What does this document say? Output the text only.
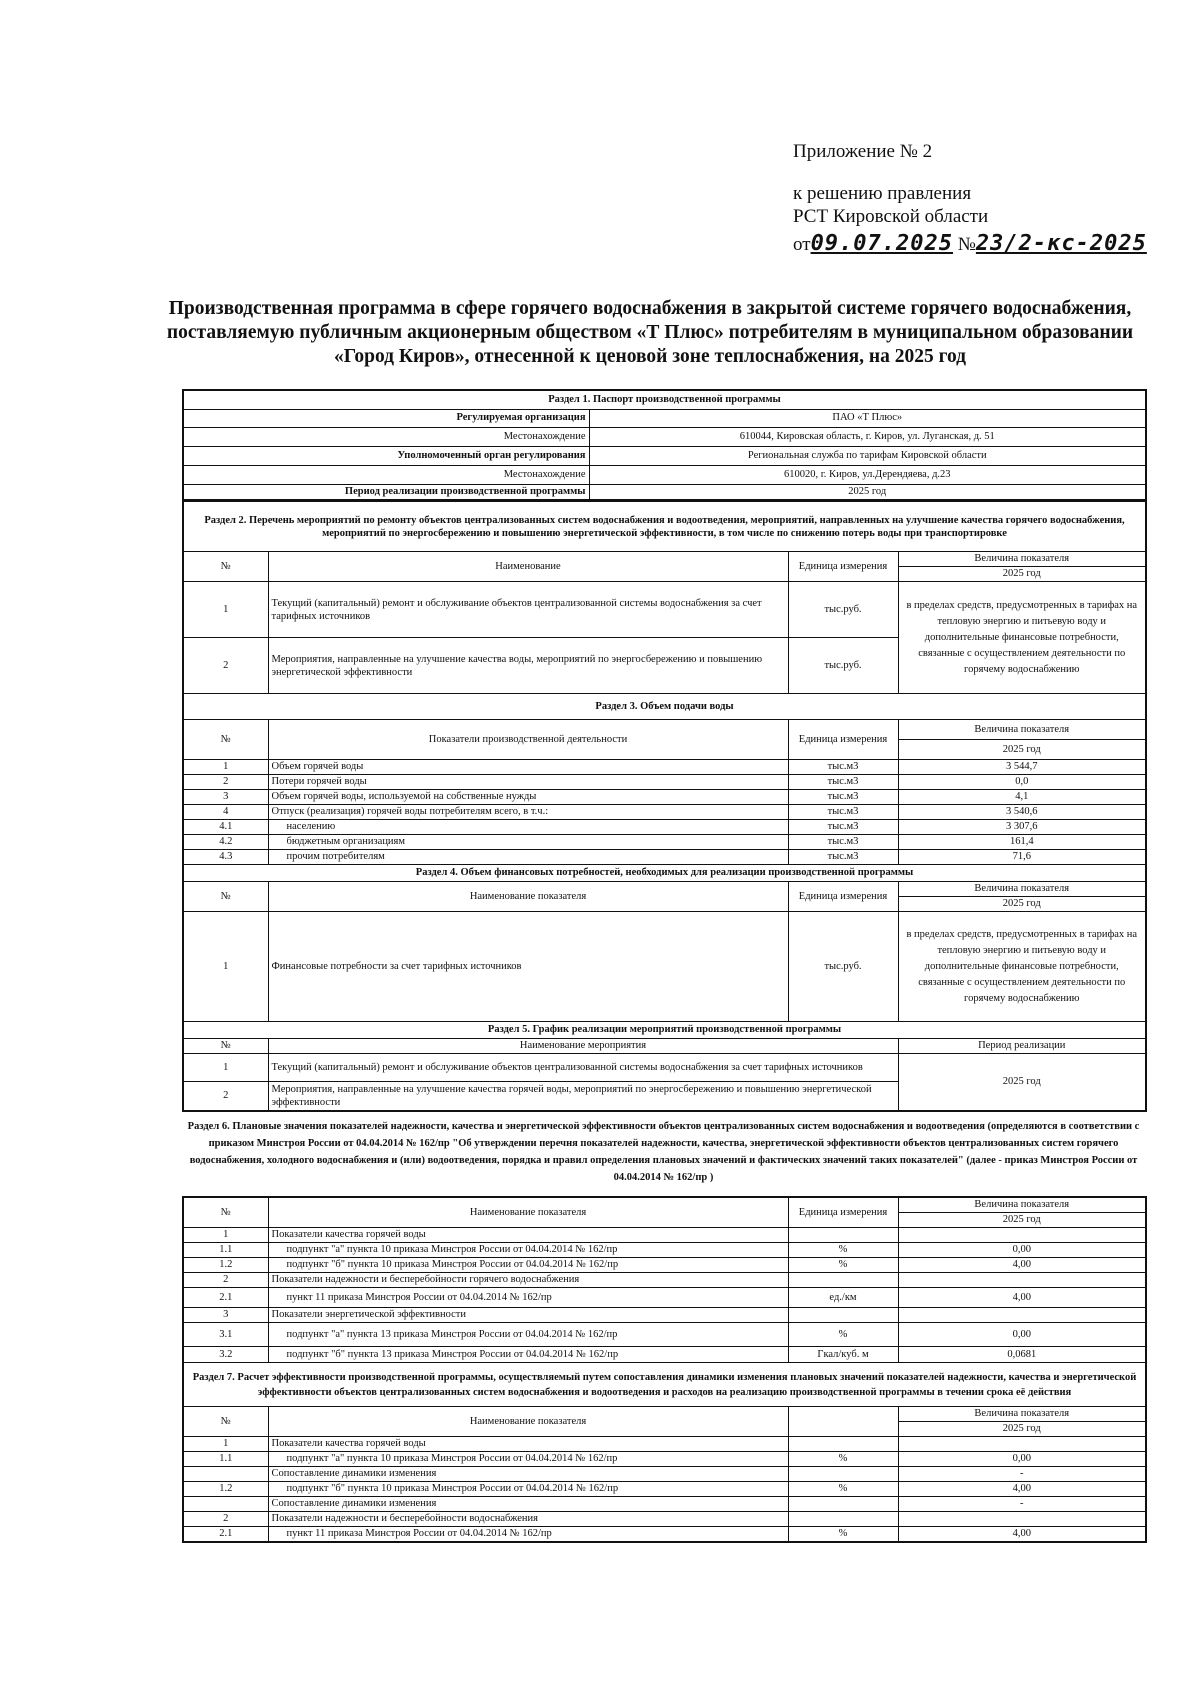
Приложение № 2
к решению правления
РСТ Кировской области
от09.07.2025 №23/2-кс-2025
Производственная программа в сфере горячего водоснабжения в закрытой системе горячего водоснабжения, поставляемую публичным акционерным обществом «Т Плюс» потребителям в муниципальном образовании «Город Киров», отнесенной к ценовой зоне теплоснабжения, на 2025 год
Раздел 1. Паспорт производственной программы	
Регулируемая организация	ПАО «Т Плюс»
Местонахождение	610044, Кировская область, г. Киров, ул. Луганская, д. 51
Уполномоченный орган регулирования	Региональная служба по тарифам Кировской области
Местонахождение	610020, г. Киров, ул.Дерендяева, д.23
Период реализации производственной программы	2025 год
Раздел 2. Перечень мероприятий по ремонту объектов централизованных систем водоснабжения и водоотведения, мероприятий, направленных на улучшение качества горячего водоснабжения, мероприятий по энергосбережению и повышению энергетической эффективности, в том числе по снижению потерь воды при транспортировке			
№	Наименование	Единица измерения	Величина показателя
			2025 год
1	Текущий (капитальный) ремонт и обслуживание объектов централизованной системы водоснабжения за счет тарифных источников	тыс.руб.	в пределах средств, предусмотренных в тарифах на тепловую энергию и питьевую воду и дополнительные финансовые потребности, связанные с осуществлением деятельности по горячему водоснабжению
2	Мероприятия, направленные на улучшение качества воды, мероприятий по энергосбережению и повышению энергетической эффективности	тыс.руб.	
Раздел 3. Объем подачи воды			
№	Показатели производственной деятельности	Единица измерения	Величина показателя
			2025 год
1	Объем горячей воды	тыс.м3	3 544,7
2	Потери горячей воды	тыс.м3	0,0
3	Объем горячей воды, используемой на собственные нужды	тыс.м3	4,1
4	Отпуск (реализация) горячей воды потребителям всего, в т.ч.:	тыс.м3	3 540,6
4.1	населению	тыс.м3	3 307,6
4.2	бюджетным организациям	тыс.м3	161,4
4.3	прочим потребителям	тыс.м3	71,6
Раздел 4. Объем финансовых потребностей, необходимых для реализации производственной программы			
№	Наименование показателя	Единица измерения	Величина показателя
			2025 год
1	Финансовые потребности за счет тарифных источников	тыс.руб.	в пределах средств, предусмотренных в тарифах на тепловую энергию и питьевую воду и дополнительные финансовые потребности, связанные с осуществлением деятельности по горячему водоснабжению
Раздел 5. График реализации мероприятий производственной программы			
№	Наименование мероприятия		Период реализации
1	Текущий (капитальный) ремонт и обслуживание объектов централизованной системы водоснабжения за счет тарифных источников		2025 год
2	Мероприятия, направленные на улучшение качества горячей воды, мероприятий по энергосбережению и повышению энергетической эффективности		
Раздел 6. Плановые значения показателей надежности, качества и энергетической эффективности объектов централизованных систем водоснабжения и водоотведения (определяются в соответствии с приказом Минстроя России от 04.04.2014 № 162/пр "Об утверждении перечня показателей надежности, качества, энергетической эффективности объектов централизованных систем горячего водоснабжения, холодного водоснабжения и (или) водоотведения, порядка и правил определения плановых значений и фактических значений таких показателей" (далее - приказ Минстроя России от 04.04.2014 № 162/пр )
№	Наименование показателя	Единица измерения	Величина показателя
			2025 год
1	Показатели качества горячей воды		
1.1	подпункт "а" пункта 10 приказа Минстроя России от 04.04.2014 № 162/пр	%	0,00
1.2	подпункт "б" пункта 10 приказа Минстроя России от 04.04.2014 № 162/пр	%	4,00
2	Показатели надежности и бесперебойности горячего водоснабжения		
2.1	пункт 11 приказа Минстроя России от 04.04.2014 № 162/пр	ед./км	4,00
3	Показатели энергетической эффективности		
3.1	подпункт "а" пункта 13 приказа Минстроя России от 04.04.2014 № 162/пр	%	0,00
3.2	подпункт "б" пункта 13 приказа Минстроя России от 04.04.2014 № 162/пр	Гкал/куб. м	0,0681
Раздел 7. Расчет эффективности производственной программы, осуществляемый путем сопоставления динамики изменения плановых значений показателей надежности, качества и энергетической эффективности объектов централизованных систем водоснабжения и водоотведения и расходов на реализацию производственной программы в течении срока её действия			
№	Наименование показателя		Величина показателя
			2025 год
1	Показатели качества горячей воды		
1.1	подпункт "а" пункта 10 приказа Минстроя России от 04.04.2014 № 162/пр	%	0,00
	Сопоставление динамики изменения		-
1.2	подпункт "б" пункта 10 приказа Минстроя России от 04.04.2014 № 162/пр	%	4,00
	Сопоставление динамики изменения		-
2	Показатели надежности и бесперебойности водоснабжения		
2.1	пункт 11 приказа Минстроя России от 04.04.2014 № 162/пр	%	4,00
